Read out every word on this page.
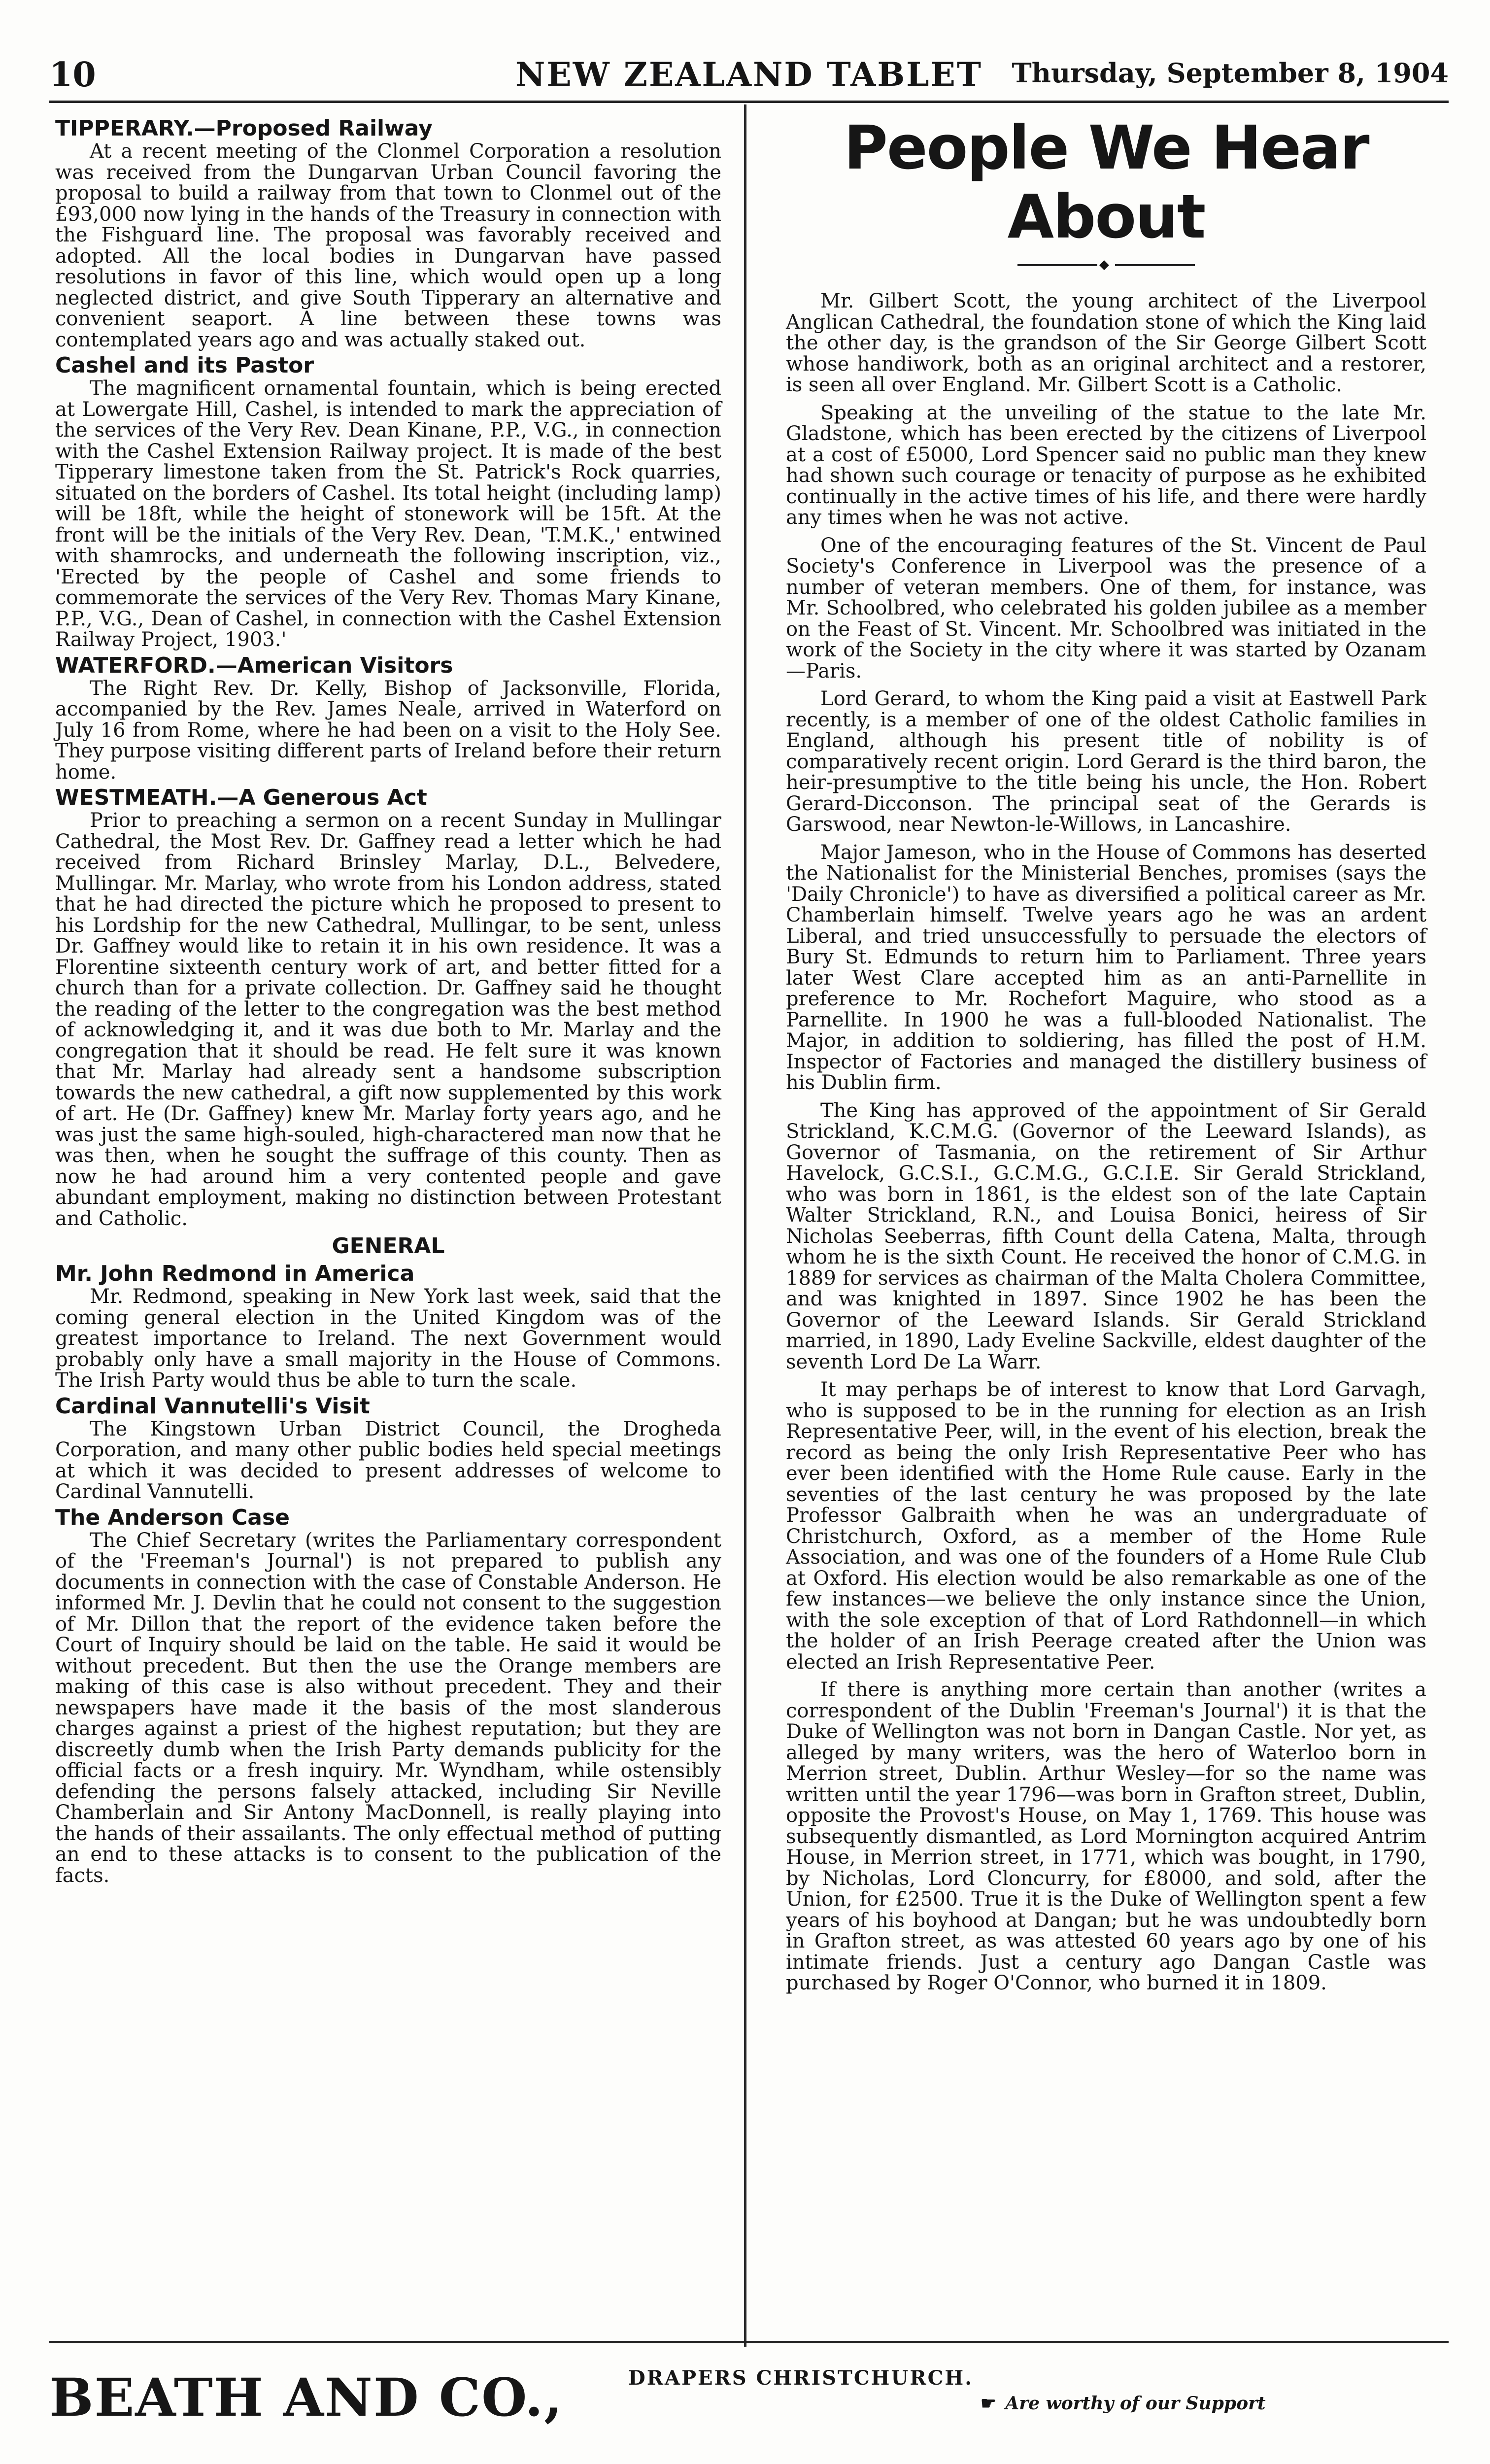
10	NEW ZEALAND TABLET	Thursday, September 8, 1904
TIPPERARY.—Proposed Railway

At a recent meeting of the Clonmel Corporation a resolution was received from the Dungarvan Urban Council favoring the proposal to build a railway from that town to Clonmel out of the £93,000 now lying in the hands of the Treasury in connection with the Fishguard line. The proposal was favorably received and adopted. All the local bodies in Dungarvan have passed resolutions in favor of this line, which would open up a long neglected district, and give South Tipperary an alternative and convenient seaport. A line between these towns was contemplated years ago and was actually staked out.

Cashel and its Pastor

The magnificent ornamental fountain, which is being erected at Lowergate Hill, Cashel, is intended to mark the appreciation of the services of the Very Rev. Dean Kinane, P.P., V.G., in connection with the Cashel Extension Railway project. It is made of the best Tipperary limestone taken from the St. Patrick's Rock quarries, situated on the borders of Cashel. Its total height (including lamp) will be 18ft, while the height of stonework will be 15ft. At the front will be the initials of the Very Rev. Dean, 'T.M.K.,' entwined with shamrocks, and underneath the following inscription, viz., 'Erected by the people of Cashel and some friends to commemorate the services of the Very Rev. Thomas Mary Kinane, P.P., V.G., Dean of Cashel, in connection with the Cashel Extension Railway Project, 1903.'

WATERFORD.—American Visitors

The Right Rev. Dr. Kelly, Bishop of Jacksonville, Florida, accompanied by the Rev. James Neale, arrived in Waterford on July 16 from Rome, where he had been on a visit to the Holy See. They purpose visiting different parts of Ireland before their return home.

WESTMEATH.—A Generous Act

Prior to preaching a sermon on a recent Sunday in Mullingar Cathedral, the Most Rev. Dr. Gaffney read a letter which he had received from Richard Brinsley Marlay, D.L., Belvedere, Mullingar. Mr. Marlay, who wrote from his London address, stated that he had directed the picture which he proposed to present to his Lordship for the new Cathedral, Mullingar, to be sent, unless Dr. Gaffney would like to retain it in his own residence. It was a Florentine sixteenth century work of art, and better fitted for a church than for a private collection. Dr. Gaffney said he thought the reading of the letter to the congregation was the best method of acknowledging it, and it was due both to Mr. Marlay and the congregation that it should be read. He felt sure it was known that Mr. Marlay had already sent a handsome subscription towards the new cathedral, a gift now supplemented by this work of art. He (Dr. Gaffney) knew Mr. Marlay forty years ago, and he was just the same high-souled, high-charactered man now that he was then, when he sought the suffrage of this county. Then as now he had around him a very contented people and gave abundant employment, making no distinction between Protestant and Catholic.

GENERAL
Mr. John Redmond in America

Mr. Redmond, speaking in New York last week, said that the coming general election in the United Kingdom was of the greatest importance to Ireland. The next Government would probably only have a small majority in the House of Commons. The Irish Party would thus be able to turn the scale.

Cardinal Vannutelli's Visit

The Kingstown Urban District Council, the Drogheda Corporation, and many other public bodies held special meetings at which it was decided to present addresses of welcome to Cardinal Vannutelli.

The Anderson Case

The Chief Secretary (writes the Parliamentary correspondent of the 'Freeman's Journal') is not prepared to publish any documents in connection with the case of Constable Anderson. He informed Mr. J. Devlin that he could not consent to the suggestion of Mr. Dillon that the report of the evidence taken before the Court of Inquiry should be laid on the table. He said it would be without precedent. But then the use the Orange members are making of this case is also without precedent. They and their newspapers have made it the basis of the most slanderous charges against a priest of the highest reputation; but they are discreetly dumb when the Irish Party demands publicity for the official facts or a fresh inquiry. Mr. Wyndham, while ostensibly defending the persons falsely attacked, including Sir Neville Chamberlain and Sir Antony MacDonnell, is really playing into the hands of their assailants. The only effectual method of putting an end to these attacks is to consent to the publication of the facts.

People We Hear About
◆

Mr. Gilbert Scott, the young architect of the Liverpool Anglican Cathedral, the foundation stone of which the King laid the other day, is the grandson of the Sir George Gilbert Scott whose handiwork, both as an original architect and a restorer, is seen all over England. Mr. Gilbert Scott is a Catholic.

Speaking at the unveiling of the statue to the late Mr. Gladstone, which has been erected by the citizens of Liverpool at a cost of £5000, Lord Spencer said no public man they knew had shown such courage or tenacity of purpose as he exhibited continually in the active times of his life, and there were hardly any times when he was not active.

One of the encouraging features of the St. Vincent de Paul Society's Conference in Liverpool was the presence of a number of veteran members. One of them, for instance, was Mr. Schoolbred, who celebrated his golden jubilee as a member on the Feast of St. Vincent. Mr. Schoolbred was initiated in the work of the Society in the city where it was started by Ozanam—Paris.

Lord Gerard, to whom the King paid a visit at Eastwell Park recently, is a member of one of the oldest Catholic families in England, although his present title of nobility is of comparatively recent origin. Lord Gerard is the third baron, the heir-presumptive to the title being his uncle, the Hon. Robert Gerard-Dicconson. The principal seat of the Gerards is Garswood, near Newton-le-Willows, in Lancashire.

Major Jameson, who in the House of Commons has deserted the Nationalist for the Ministerial Benches, promises (says the 'Daily Chronicle') to have as diversified a political career as Mr. Chamberlain himself. Twelve years ago he was an ardent Liberal, and tried unsuccessfully to persuade the electors of Bury St. Edmunds to return him to Parliament. Three years later West Clare accepted him as an anti-Parnellite in preference to Mr. Rochefort Maguire, who stood as a Parnellite. In 1900 he was a full-blooded Nationalist. The Major, in addition to soldiering, has filled the post of H.M. Inspector of Factories and managed the distillery business of his Dublin firm.

The King has approved of the appointment of Sir Gerald Strickland, K.C.M.G. (Governor of the Leeward Islands), as Governor of Tasmania, on the retirement of Sir Arthur Havelock, G.C.S.I., G.C.M.G., G.C.I.E. Sir Gerald Strickland, who was born in 1861, is the eldest son of the late Captain Walter Strickland, R.N., and Louisa Bonici, heiress of Sir Nicholas Seeberras, fifth Count della Catena, Malta, through whom he is the sixth Count. He received the honor of C.M.G. in 1889 for services as chairman of the Malta Cholera Committee, and was knighted in 1897. Since 1902 he has been the Governor of the Leeward Islands. Sir Gerald Strickland married, in 1890, Lady Eveline Sackville, eldest daughter of the seventh Lord De La Warr.

It may perhaps be of interest to know that Lord Garvagh, who is supposed to be in the running for election as an Irish Representative Peer, will, in the event of his election, break the record as being the only Irish Representative Peer who has ever been identified with the Home Rule cause. Early in the seventies of the last century he was proposed by the late Professor Galbraith when he was an undergraduate of Christchurch, Oxford, as a member of the Home Rule Association, and was one of the founders of a Home Rule Club at Oxford. His election would be also remarkable as one of the few instances—we believe the only instance since the Union, with the sole exception of that of Lord Rathdonnell—in which the holder of an Irish Peerage created after the Union was elected an Irish Representative Peer.

If there is anything more certain than another (writes a correspondent of the Dublin 'Freeman's Journal') it is that the Duke of Wellington was not born in Dangan Castle. Nor yet, as alleged by many writers, was the hero of Waterloo born in Merrion street, Dublin. Arthur Wesley—for so the name was written until the year 1796—was born in Grafton street, Dublin, opposite the Provost's House, on May 1, 1769. This house was subsequently dismantled, as Lord Mornington acquired Antrim House, in Merrion street, in 1771, which was bought, in 1790, by Nicholas, Lord Cloncurry, for £8000, and sold, after the Union, for £2500. True it is the Duke of Wellington spent a few years of his boyhood at Dangan; but he was undoubtedly born in Grafton street, as was attested 60 years ago by one of his intimate friends. Just a century ago Dangan Castle was purchased by Roger O'Connor, who burned it in 1809.

BEATH AND CO.,	DRAPERS CHRISTCHURCH.
☛ Are worthy of our Support
